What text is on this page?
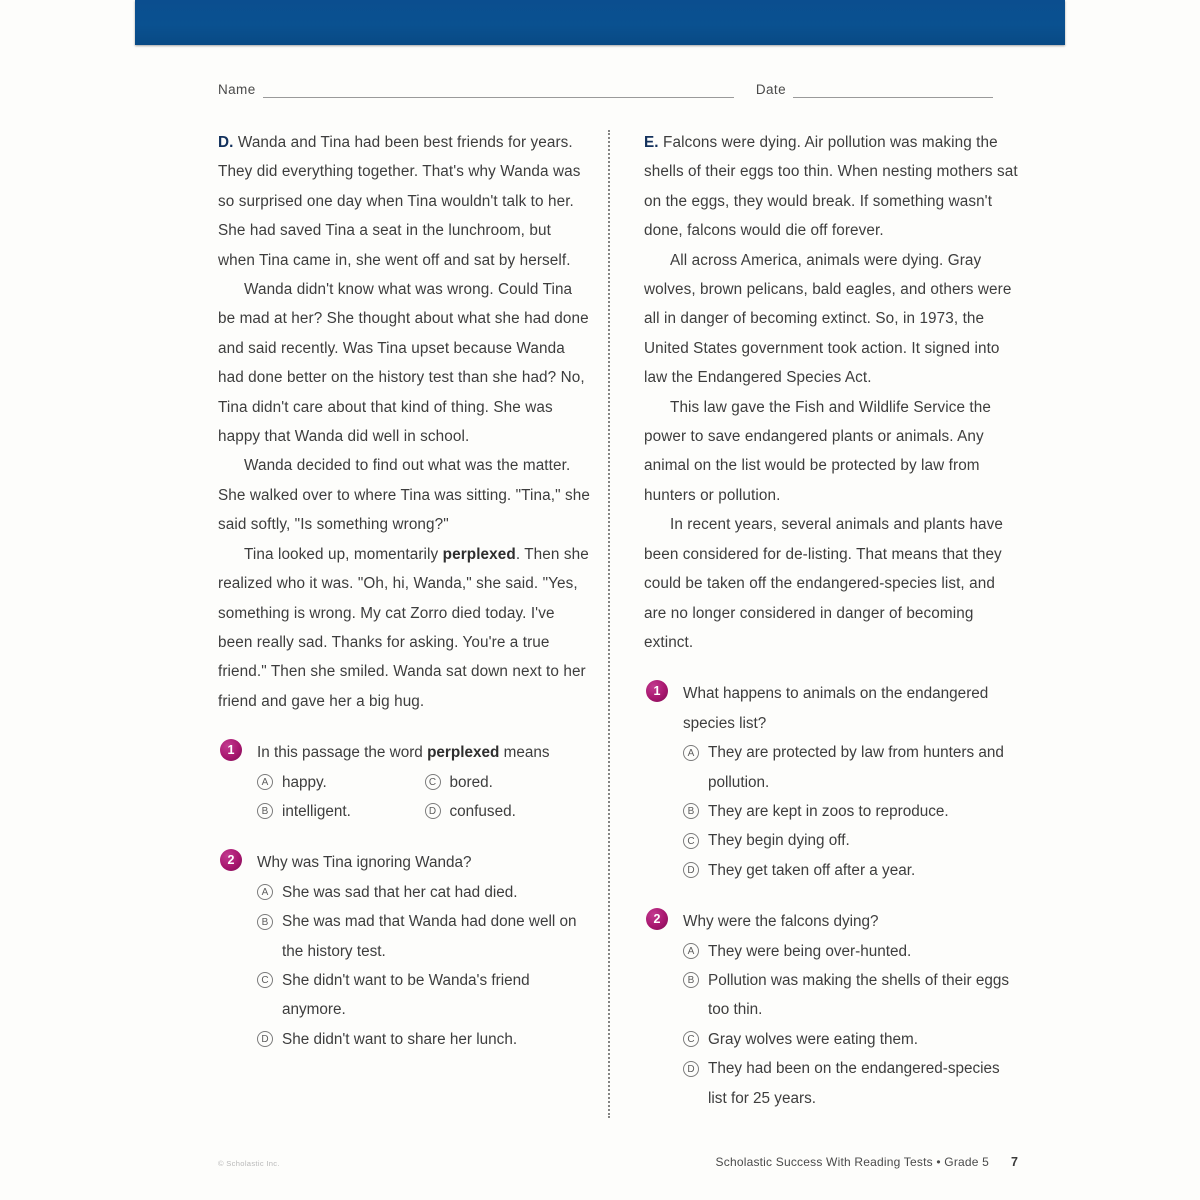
Name	Date

D. Wanda and Tina had been best friends for years. They did everything together. That's why Wanda was so surprised one day when Tina wouldn't talk to her. She had saved Tina a seat in the lunchroom, but when Tina came in, she went off and sat by herself.

Wanda didn't know what was wrong. Could Tina be mad at her? She thought about what she had done and said recently. Was Tina upset because Wanda had done better on the history test than she had? No, Tina didn't care about that kind of thing. She was happy that Wanda did well in school.

Wanda decided to find out what was the matter. She walked over to where Tina was sitting. "Tina," she said softly, "Is something wrong?"

Tina looked up, momentarily perplexed. Then she realized who it was. "Oh, hi, Wanda," she said. "Yes, something is wrong. My cat Zorro died today. I've been really sad. Thanks for asking. You're a true friend." Then she smiled. Wanda sat down next to her friend and gave her a big hug.

1	In this passage the word perplexed means
A happy.	C bored.
B intelligent.	D confused.
2	Why was Tina ignoring Wanda?
A She was sad that her cat had died.
B She was mad that Wanda had done well on the history test.
C She didn't want to be Wanda's friend anymore.
D She didn't want to share her lunch.

E. Falcons were dying. Air pollution was making the shells of their eggs too thin. When nesting mothers sat on the eggs, they would break. If something wasn't done, falcons would die off forever.

All across America, animals were dying. Gray wolves, brown pelicans, bald eagles, and others were all in danger of becoming extinct. So, in 1973, the United States government took action. It signed into law the Endangered Species Act.

This law gave the Fish and Wildlife Service the power to save endangered plants or animals. Any animal on the list would be protected by law from hunters or pollution.

In recent years, several animals and plants have been considered for de-listing. That means that they could be taken off the endangered-species list, and are no longer considered in danger of becoming extinct.

1	What happens to animals on the endangered species list?
A They are protected by law from hunters and pollution.
B They are kept in zoos to reproduce.
C They begin dying off.
D They get taken off after a year.
2	Why were the falcons dying?
A They were being over-hunted.
B Pollution was making the shells of their eggs too thin.
C Gray wolves were eating them.
D They had been on the endangered-species list for 25 years.
© Scholastic Inc.	Scholastic Success With Reading Tests • Grade 5 7
